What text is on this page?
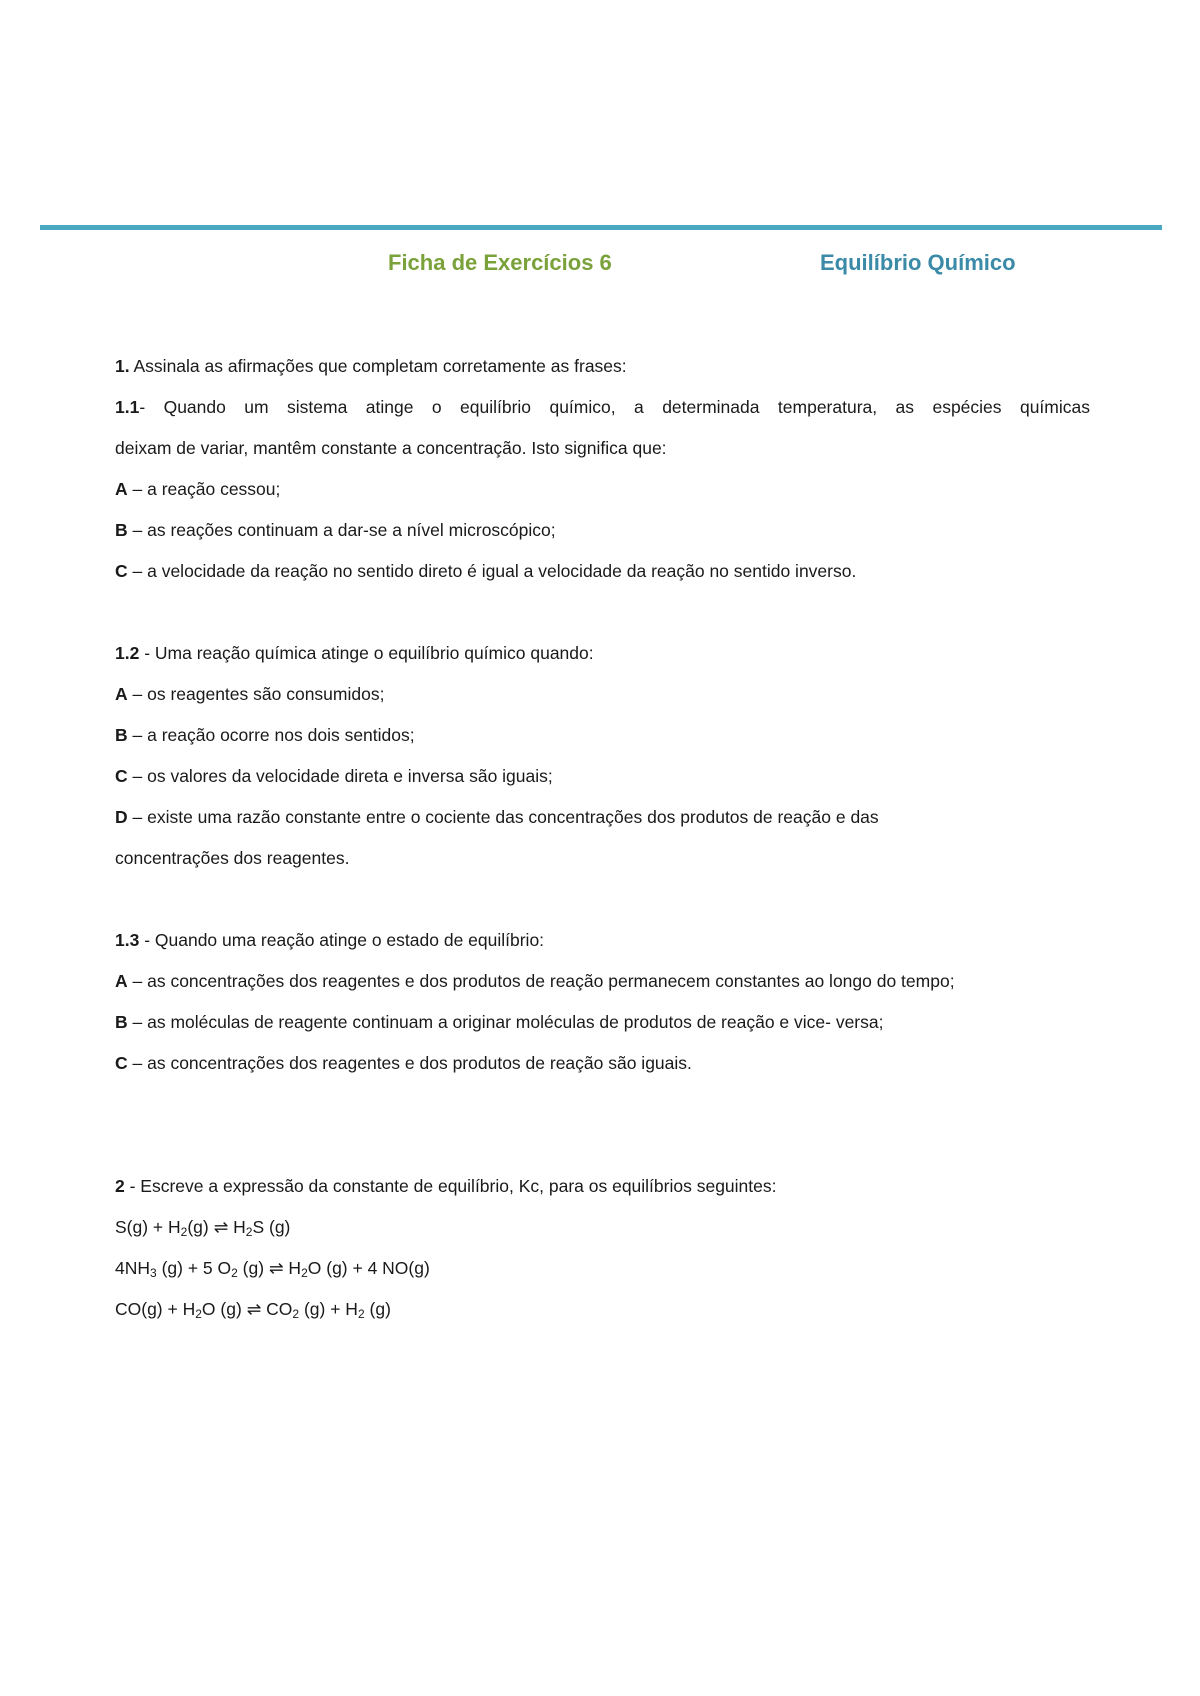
Ficha de Exercícios 6	Equilíbrio Químico

1. Assinala as afirmações que completam corretamente as frases:

1.1- Quando um sistema atinge o equilíbrio químico, a determinada temperatura, as espécies químicas

deixam de variar, mantêm constante a concentração. Isto significa que:

A – a reação cessou;

B – as reações continuam a dar-se a nível microscópico;

C – a velocidade da reação no sentido direto é igual a velocidade da reação no sentido inverso.

1.2 - Uma reação química atinge o equilíbrio químico quando:

A – os reagentes são consumidos;

B – a reação ocorre nos dois sentidos;

C – os valores da velocidade direta e inversa são iguais;

D – existe uma razão constante entre o cociente das concentrações dos produtos de reação e das

concentrações dos reagentes.

1.3 - Quando uma reação atinge o estado de equilíbrio:

A – as concentrações dos reagentes e dos produtos de reação permanecem constantes ao longo do tempo;

B – as moléculas de reagente continuam a originar moléculas de produtos de reação e vice- versa;

C – as concentrações dos reagentes e dos produtos de reação são iguais.

2 - Escreve a expressão da constante de equilíbrio, Kc, para os equilíbrios seguintes:

$S(g) + H_2(g)$ ⇌ $H_2S$ (g)

$4NH_3$ (g) + 5 $O_2$ (g) ⇌ $H_2O$ (g) + 4 NO(g)

$CO(g) + H_2O$ (g) ⇌ $CO_2$ $(g) + H_2$ (g)
